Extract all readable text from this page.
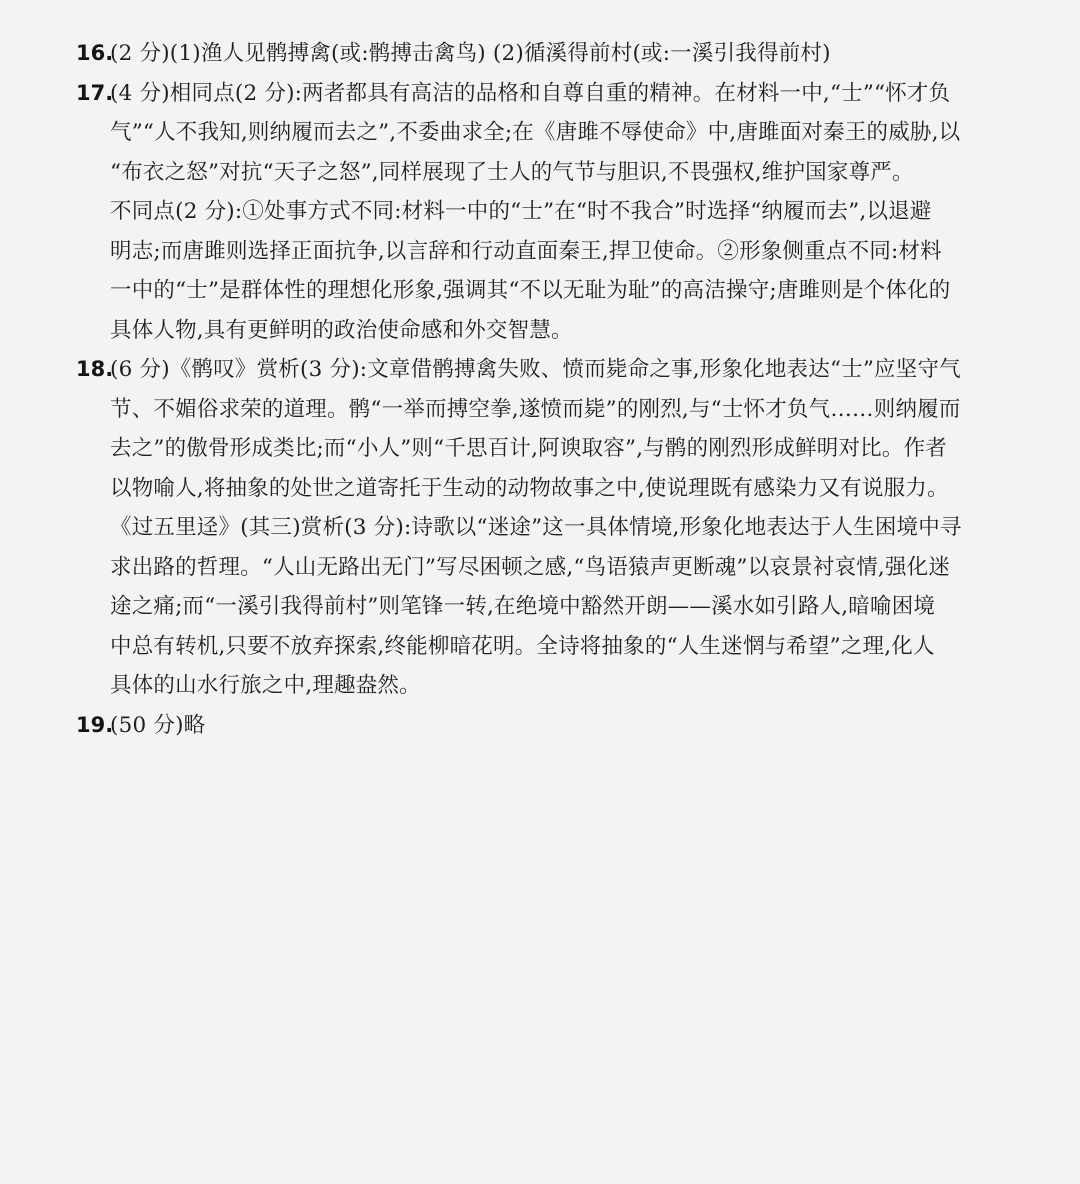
16.
(2 分)(1)渔人见鹘搏禽(或:鹘搏击禽鸟) (2)循溪得前村(或:一溪引我得前村)
17.
(4 分)相同点(2 分):两者都具有高洁的品格和自尊自重的精神。在材料一中,“士”“怀才负
气”“人不我知,则纳履而去之”,不委曲求全;在《唐雎不辱使命》中,唐雎面对秦王的威胁,以
“布衣之怒”对抗“天子之怒”,同样展现了士人的气节与胆识,不畏强权,维护国家尊严。
不同点(2 分):①处事方式不同:材料一中的“士”在“时不我合”时选择“纳履而去”,以退避
明志;而唐雎则选择正面抗争,以言辞和行动直面秦王,捍卫使命。②形象侧重点不同:材料
一中的“士”是群体性的理想化形象,强调其“不以无耻为耻”的高洁操守;唐雎则是个体化的
具体人物,具有更鲜明的政治使命感和外交智慧。
18.
(6 分)《鹘叹》赏析(3 分):文章借鹘搏禽失败、愤而毙命之事,形象化地表达“士”应坚守气
节、不媚俗求荣的道理。鹘“一举而搏空拳,遂愤而毙”的刚烈,与“士怀才负气……则纳履而
去之”的傲骨形成类比;而“小人”则“千思百计,阿谀取容”,与鹘的刚烈形成鲜明对比。作者
以物喻人,将抽象的处世之道寄托于生动的动物故事之中,使说理既有感染力又有说服力。
《过五里迳》(其三)赏析(3 分):诗歌以“迷途”这一具体情境,形象化地表达于人生困境中寻
求出路的哲理。“人山无路出无门”写尽困顿之感,“鸟语猿声更断魂”以哀景衬哀情,强化迷
途之痛;而“一溪引我得前村”则笔锋一转,在绝境中豁然开朗——溪水如引路人,暗喻困境
中总有转机,只要不放弃探索,终能柳暗花明。全诗将抽象的“人生迷惘与希望”之理,化人
具体的山水行旅之中,理趣盎然。
19.
(50 分)略
